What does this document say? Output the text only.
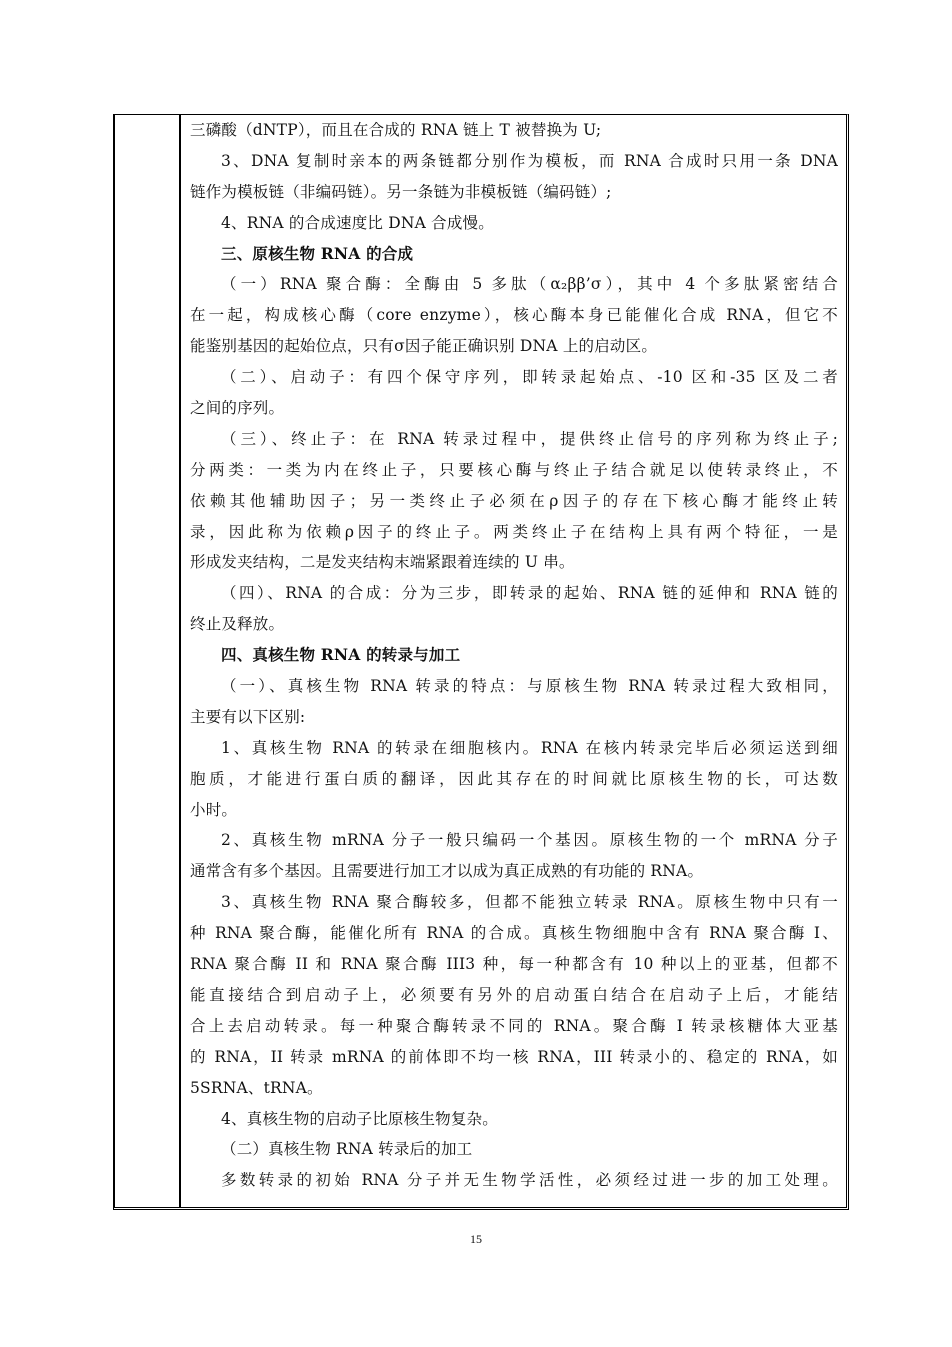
三磷酸（dNTP），而且在合成的 RNA 链上 T 被替换为 U;
3、DNA 复制时亲本的两条链都分别作为模板，而 RNA 合成时只用一条 DNA
链作为模板链（非编码链）。另一条链为非模板链（编码链）;
4、RNA 的合成速度比 DNA 合成慢。
三、原核生物 RNA 的合成
（一）RNA 聚合酶：全酶由 5 多肽（α₂ββ’σ），其中 4 个多肽紧密结合
在一起，构成核心酶（core enzyme），核心酶本身已能催化合成 RNA，但它不
能鉴别基因的起始位点，只有σ因子能正确识别 DNA 上的启动区。
（二）、启动子：有四个保守序列，即转录起始点、-10 区和-35 区及二者
之间的序列。
（三）、终止子：在 RNA 转录过程中，提供终止信号的序列称为终止子;
分两类：一类为内在终止子，只要核心酶与终止子结合就足以使转录终止，不
依赖其他辅助因子；另一类终止子必须在ρ因子的存在下核心酶才能终止转
录，因此称为依赖ρ因子的终止子。两类终止子在结构上具有两个特征，一是
形成发夹结构，二是发夹结构末端紧跟着连续的 U 串。
（四）、RNA 的合成：分为三步，即转录的起始、RNA 链的延伸和 RNA 链的
终止及释放。
四、真核生物 RNA 的转录与加工
（一）、真核生物 RNA 转录的特点：与原核生物 RNA 转录过程大致相同，
主要有以下区别:
1、真核生物 RNA 的转录在细胞核内。RNA 在核内转录完毕后必须运送到细
胞质，才能进行蛋白质的翻译，因此其存在的时间就比原核生物的长，可达数
小时。
2、真核生物 mRNA 分子一般只编码一个基因。原核生物的一个 mRNA 分子
通常含有多个基因。且需要进行加工才以成为真正成熟的有功能的 RNA。
3、真核生物 RNA 聚合酶较多，但都不能独立转录 RNA。原核生物中只有一
种 RNA 聚合酶，能催化所有 RNA 的合成。真核生物细胞中含有 RNA 聚合酶 I、
RNA 聚合酶 II 和 RNA 聚合酶 III3 种，每一种都含有 10 种以上的亚基，但都不
能直接结合到启动子上，必须要有另外的启动蛋白结合在启动子上后，才能结
合上去启动转录。每一种聚合酶转录不同的 RNA。聚合酶 I 转录核糖体大亚基
的 RNA，II 转录 mRNA 的前体即不均一核 RNA，III 转录小的、稳定的 RNA，如
5SRNA、tRNA。
4、真核生物的启动子比原核生物复杂。
（二）真核生物 RNA 转录后的加工
多数转录的初始 RNA 分子并无生物学活性，必须经过进一步的加工处理。
15
